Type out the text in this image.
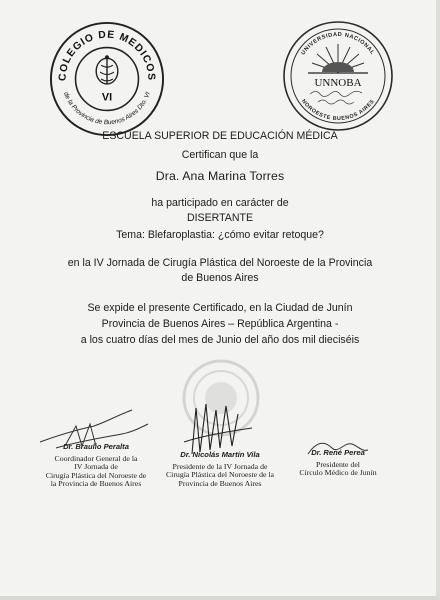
COLEGIO DE MEDICOS
de la Provincia de Buenos Aires Dto. VI
VI
UNIVERSIDAD NACIONAL
NOROESTE BUENOS AIRES
UNNOBA
ESCUELA SUPERIOR DE EDUCACIÓN MÉDICA
Certifican que la
Dra. Ana Marina Torres
ha participado en carácter de
DISERTANTE
Tema: Blefaroplastia: ¿cómo evitar retoque?
en la IV Jornada de Cirugía Plástica del Noroeste de la Provincia
de Buenos Aires
Se expide el presente Certificado, en la Ciudad de Junín
Provincia de Buenos Aires – República Argentina -
a los cuatro días del mes de Junio del año dos mil dieciséis
Dr. Braulio Peralta
Coordinador General de la
IV Jornada de
Cirugía Plástica del Noroeste de
la Provincia de Buenos Aires
Dr. Nicolás Martín Vila
Presidente de la IV Jornada de
Cirugía Plástica del Noroeste de la
Provincia de Buenos Aires
Dr. René Perea
Presidente del
Círculo Médico de Junín
